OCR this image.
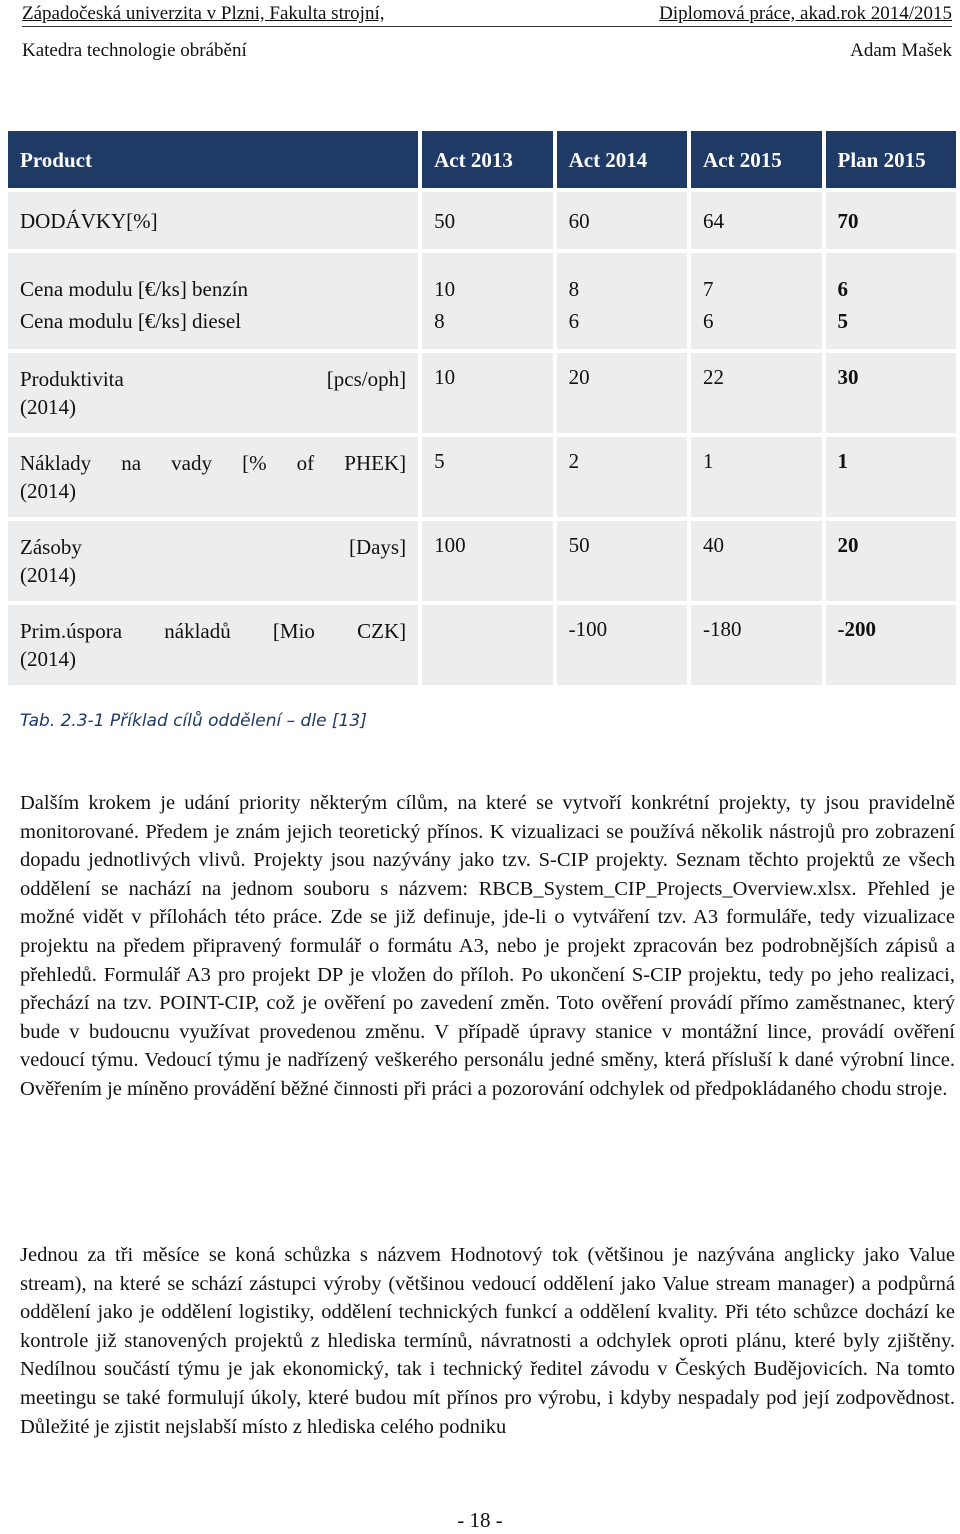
Západočeská univerzita v Plzni, Fakulta strojní,	Diplomová práce, akad.rok 2014/2015
Katedra technologie obrábění	Adam Mašek
Product	Act 2013	Act 2014	Act 2015	Plan 2015

DODÁVKY[%]	50	60	64	70

Cena modulu [€/ks] benzín	10	8	7	6
Cena modulu [€/ks] diesel	8	6	6	5

Produktivita [pcs/oph]
(2014)	10	20	22	30

Náklady na vady [% of PHEK]
(2014)	5	2	1	1

Zásoby [Days]
(2014)	100	50	40	20

Prim.úspora nákladů [Mio CZK]
(2014)		-100	-180	-200
Tab. 2.3-1 Příklad cílů oddělení – dle [13]

Dalším krokem je udání priority některým cílům, na které se vytvoří konkrétní projekty, ty jsou pravidelně monitorované. Předem je znám jejich teoretický přínos. K vizualizaci se používá několik nástrojů pro zobrazení dopadu jednotlivých vlivů. Projekty jsou nazývány jako tzv. S-CIP projekty. Seznam těchto projektů ze všech oddělení se nachází na jednom souboru s názvem: RBCB_System_CIP_Projects_Overview.xlsx. Přehled je možné vidět v přílohách této práce. Zde se již definuje, jde-li o vytváření tzv. A3 formuláře, tedy vizualizace projektu na předem připravený formulář o formátu A3, nebo je projekt zpracován bez podrobnějších zápisů a přehledů. Formulář A3 pro projekt DP je vložen do příloh. Po ukončení S-CIP projektu, tedy po jeho realizaci, přechází na tzv. POINT-CIP, což je ověření po zavedení změn. Toto ověření provádí přímo zaměstnanec, který bude v budoucnu využívat provedenou změnu. V případě úpravy stanice v montážní lince, provádí ověření vedoucí týmu. Vedoucí týmu je nadřízený veškerého personálu jedné směny, která přísluší k dané výrobní lince. Ověřením je míněno provádění běžné činnosti při práci a pozorování odchylek od předpokládaného chodu stroje.

Jednou za tři měsíce se koná schůzka s názvem Hodnotový tok (většinou je nazývána anglicky jako Value stream), na které se schází zástupci výroby (většinou vedoucí oddělení jako Value stream manager) a podpůrná oddělení jako je oddělení logistiky, oddělení technických funkcí a oddělení kvality. Při této schůzce dochází ke kontrole již stanovených projektů z hlediska termínů, návratnosti a odchylek oproti plánu, které byly zjištěny. Nedílnou součástí týmu je jak ekonomický, tak i technický ředitel závodu v Českých Budějovicích. Na tomto meetingu se také formulují úkoly, které budou mít přínos pro výrobu, i kdyby nespadaly pod její zodpovědnost. Důležité je zjistit nejslabší místo z hlediska celého podniku

- 18 -
